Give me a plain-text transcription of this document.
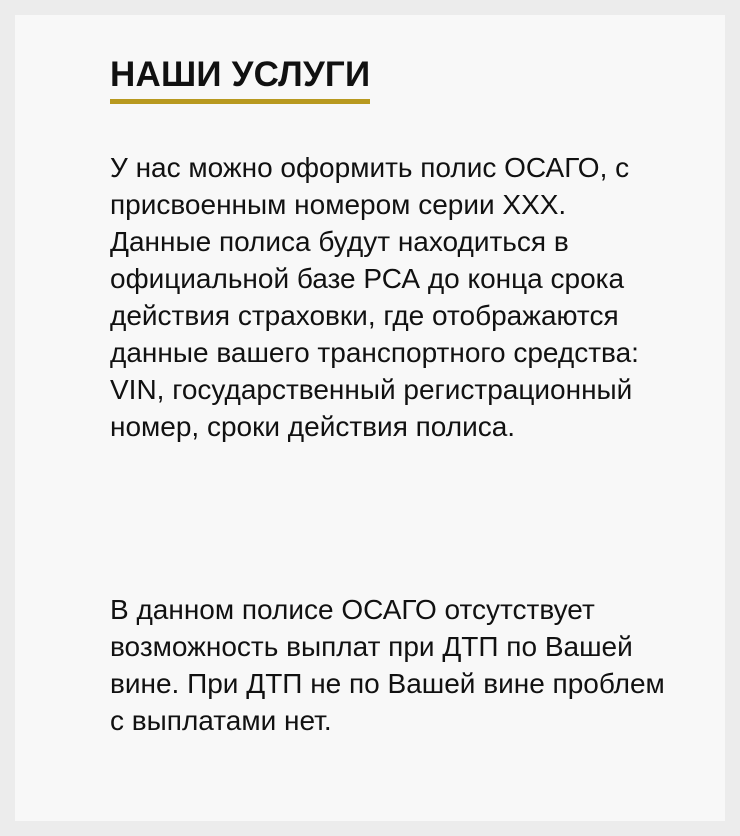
НАШИ УСЛУГИ

У нас можно оформить полис ОСАГО, с присвоенным номером серии ХХХ. Данные полиса будут находиться в официальной базе РСА до конца срока действия страховки, где отображаются данные вашего транспортного средства: VIN, государственный регистрационный номер, сроки действия полиса.

В данном полисе ОСАГО отсутствует возможность выплат при ДТП по Вашей вине. При ДТП не по Вашей вине проблем с выплатами нет.
